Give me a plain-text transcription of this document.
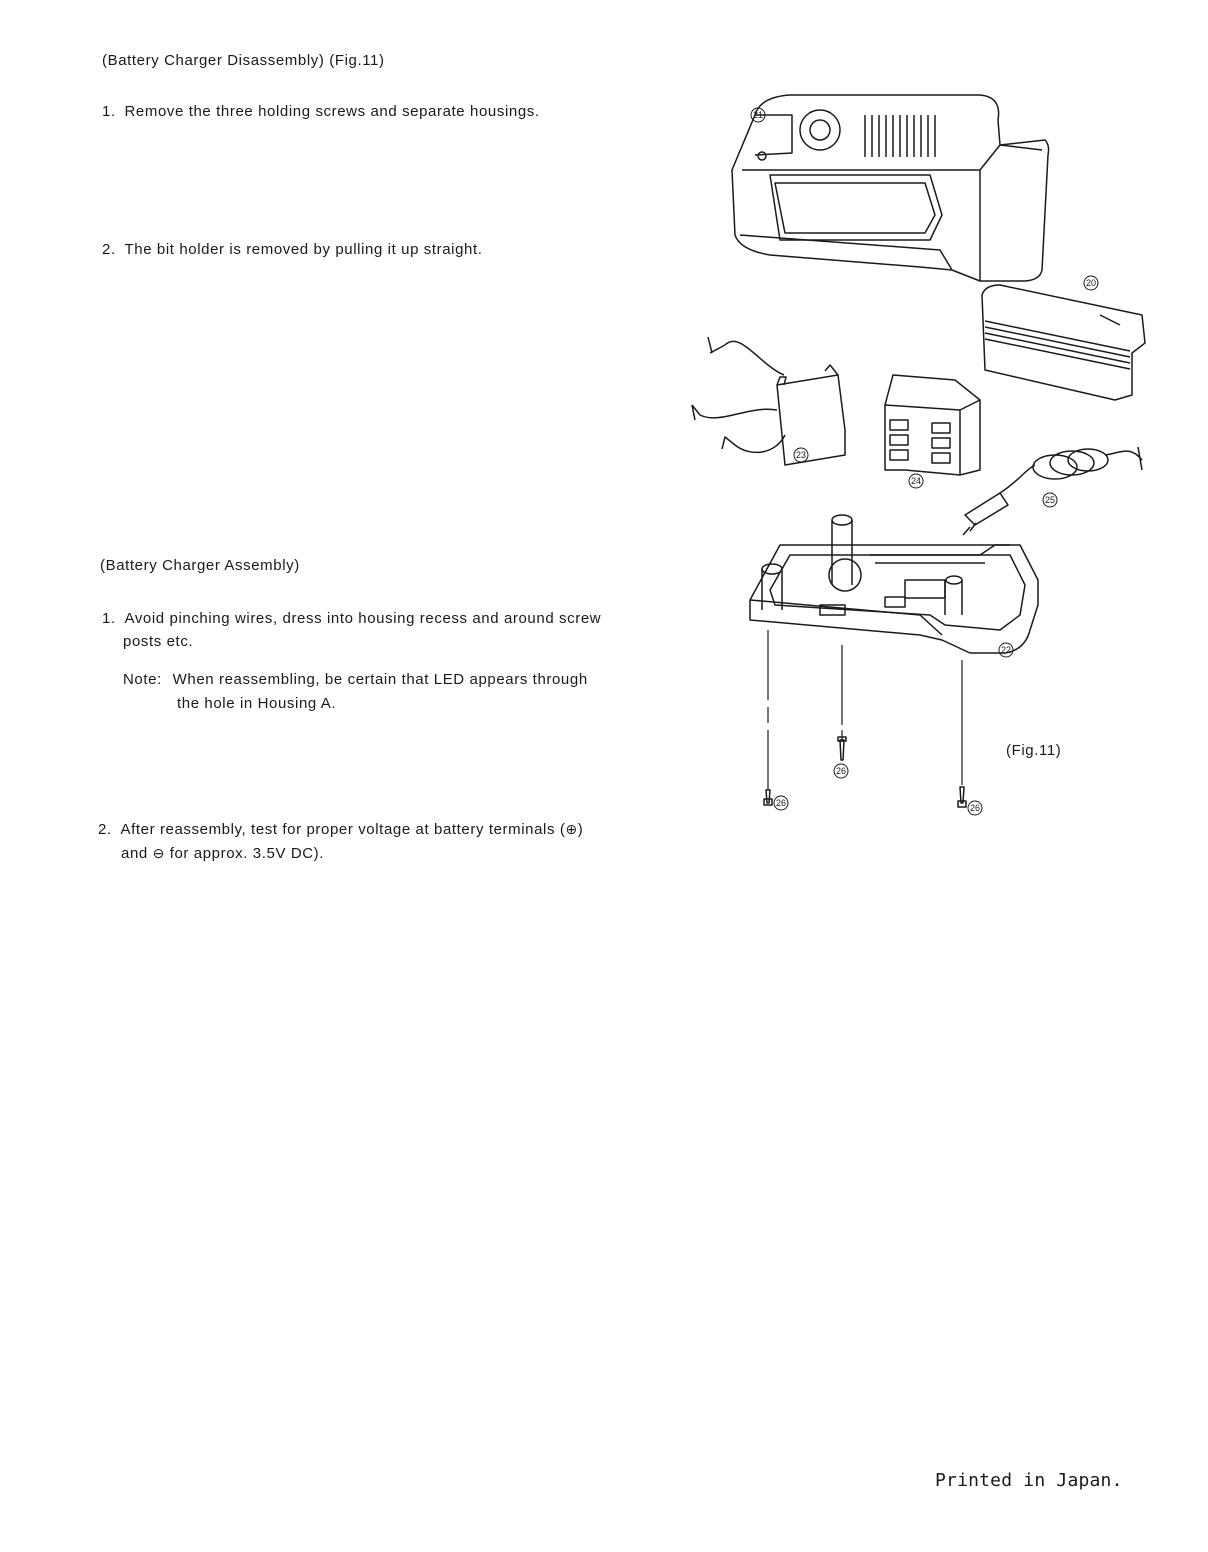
(Battery Charger Disassembly) (Fig.11)
1. Remove the three holding screws and separate housings.
2. The bit holder is removed by pulling it up straight.
(Battery Charger Assembly)
1. Avoid pinching wires, dress into housing recess and around screw
posts etc.
Note: When reassembling, be certain that LED appears through
the hole in Housing A.
2. After reassembly, test for proper voltage at battery terminals (⊕)
and ⊖ for approx. 3.5V DC).
21
20
23
24
25
22
26
26	26
(Fig.11)
Printed in Japan.
